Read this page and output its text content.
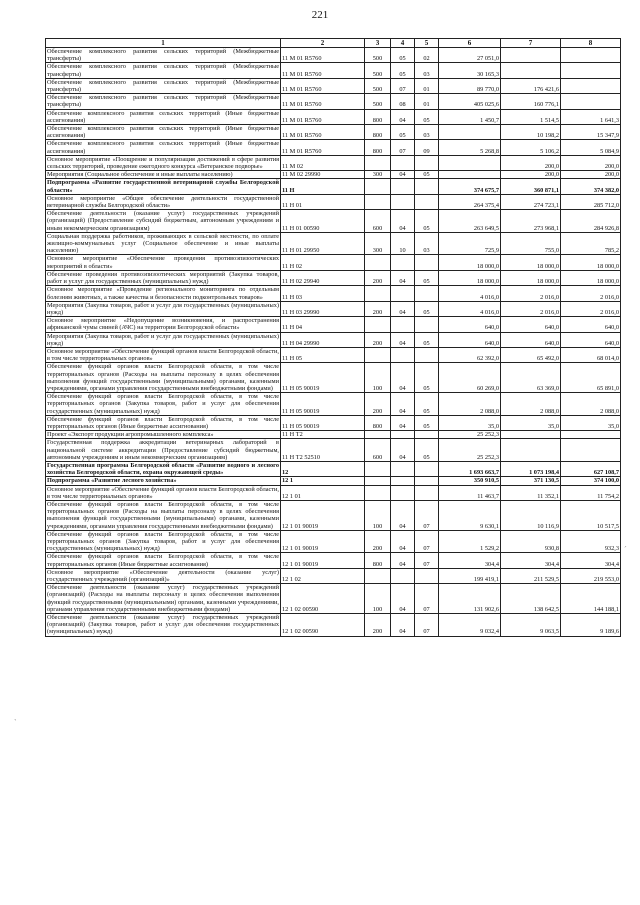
221
1	2	3	4	5	6	7	8
Обеспечение комплексного развития сельских территорий (Межбюджетные трансферты)	11 М 01 R5760	500	05	02	27 051,0		
Обеспечение комплексного развития сельских территорий (Межбюджетные трансферты)	11 М 01 R5760	500	05	03	30 165,3		
Обеспечение комплексного развития сельских территорий (Межбюджетные трансферты)	11 М 01 R5760	500	07	01	89 770,0	176 421,6	
Обеспечение комплексного развития сельских территорий (Межбюджетные трансферты)	11 М 01 R5760	500	08	01	405 025,6	160 776,1	
Обеспечение комплексного развития сельских территорий (Иные бюджетные ассигнования)	11 М 01 R5760	800	04	05	1 450,7	1 514,5	1 641,3
Обеспечение комплексного развития сельских территорий (Иные бюджетные ассигнования)	11 М 01 R5760	800	05	03		10 198,2	15 347,9
Обеспечение комплексного развития сельских территорий (Иные бюджетные ассигнования)	11 М 01 R5760	800	07	09	5 268,8	5 106,2	5 084,9
Основное мероприятие «Поощрение и популяризация достижений в сфере развития сельских территорий, проведение ежегодного конкурса «Ветеранское подворье»	11 М 02					200,0	200,0
Мероприятия (Социальное обеспечение и иные выплаты населению)	11 М 02 29990	300	04	05		200,0	200,0
Подпрограмма «Развитие государственной ветеринарной службы Белгородской области»	11 Н				374 675,7	360 871,1	374 382,0
Основное мероприятие «Общее обеспечение деятельности государственной ветеринарной службы Белгородской области»	11 Н 01				264 375,4	274 723,1	285 712,0
Обеспечение деятельности (оказание услуг) государственных учреждений (организаций) (Предоставление субсидий бюджетным, автономным учреждениям и иным некоммерческим организациям)	11 Н 01 00590	600	04	05	263 649,5	273 968,1	284 926,8
Социальная поддержка работников, проживающих в сельской местности, по оплате жилищно-коммунальных услуг (Социальное обеспечение и иные выплаты населению)	11 Н 01 29950	300	10	03	725,9	755,0	785,2
Основное мероприятие «Обеспечение проведения противоэпизоотических мероприятий в области»	11 Н 02				18 000,0	18 000,0	18 000,0
Обеспечение проведения противоэпизоотических мероприятий (Закупка товаров, работ и услуг для государственных (муниципальных) нужд)	11 Н 02 29940	200	04	05	18 000,0	18 000,0	18 000,0
Основное мероприятие «Проведение регионального мониторинга по отдельным болезням животных, а также качества и безопасности подконтрольных товаров»	11 Н 03				4 016,0	2 016,0	2 016,0
Мероприятия (Закупка товаров, работ и услуг для государственных (муниципальных) нужд)	11 Н 03 29990	200	04	05	4 016,0	2 016,0	2 016,0
Основное мероприятие «Недопущение возникновения, и распространения африканской чумы свиней (АЧС) на территории Белгородской области»	11 Н 04				640,0	640,0	640,0
Мероприятия (Закупка товаров, работ и услуг для государственных (муниципальных) нужд)	11 Н 04 29990	200	04	05	640,0	640,0	640,0
Основное мероприятие «Обеспечение функций органов власти Белгородской области, в том числе территориальных органов»	11 Н 05				62 392,0	65 492,0	68 014,0
Обеспечение функций органов власти Белгородской области, в том числе территориальных органов (Расходы на выплаты персоналу в целях обеспечения выполнения функций государственными (муниципальными) органами, казенными учреждениями, органами управления государственными внебюджетными фондами)	11 Н 05 90019	100	04	05	60 269,0	63 369,0	65 891,0
Обеспечение функций органов власти Белгородской области, в том числе территориальных органов (Закупка товаров, работ и услуг для обеспечения государственных (муниципальных) нужд)	11 Н 05 90019	200	04	05	2 088,0	2 088,0	2 088,0
Обеспечение функций органов власти Белгородской области, в том числе территориальных органов (Иные бюджетные ассигнования)	11 Н 05 90019	800	04	05	35,0	35,0	35,0
Проект «Экспорт продукции агропромышленного комплекса»	11 Н Т2				25 252,3		
Государственная поддержка аккредитации ветеринарных лабораторий в национальной системе аккредитации (Предоставление субсидий бюджетным, автономным учреждениям и иным некоммерческим организациям)	11 Н Т2 52510	600	04	05	25 252,3		
Государственная программа Белгородской области «Развитие водного и лесного хозяйства Белгородской области, охрана окружающей среды»	12				1 693 663,7	1 073 198,4	627 108,7
Подпрограмма «Развитие лесного хозяйства»	12 1				350 910,5	371 130,5	374 100,0
Основное мероприятие «Обеспечение функций органов власти Белгородской области, в том числе территориальных органов»	12 1 01				11 463,7	11 352,1	11 754,2
Обеспечение функций органов власти Белгородской области, в том числе территориальных органов (Расходы на выплаты персоналу в целях обеспечения выполнения функций государственными (муниципальными) органами, казенными учреждениями, органами управления государственными внебюджетными фондами)	12 1 01 90019	100	04	07	9 630,1	10 116,9	10 517,5
Обеспечение функций органов власти Белгородской области, в том числе территориальных органов (Закупка товаров, работ и услуг для обеспечения государственных (муниципальных) нужд)	12 1 01 90019	200	04	07	1 529,2	930,8	932,3
Обеспечение функций органов власти Белгородской области, в том числе территориальных органов (Иные бюджетные ассигнования)	12 1 01 90019	800	04	07	304,4	304,4	304,4
Основное мероприятие «Обеспечение деятельности (оказание услуг) государственных учреждений (организаций)»	12 1 02				199 419,1	211 529,5	219 553,0
Обеспечение деятельности (оказание услуг) государственных учреждений (организаций) (Расходы на выплаты персоналу в целях обеспечения выполнения функций государственными (муниципальными) органами, казенными учреждениями, органами управления государственными внебюджетными фондами)	12 1 02 00590	100	04	07	131 902,6	138 642,5	144 188,1
Обеспечение деятельности (оказание услуг) государственных учреждений (организаций) (Закупка товаров, работ и услуг для обеспечения государственных (муниципальных) нужд)	12 1 02 00590	200	04	07	9 032,4	9 063,5	9 189,6
´
`
